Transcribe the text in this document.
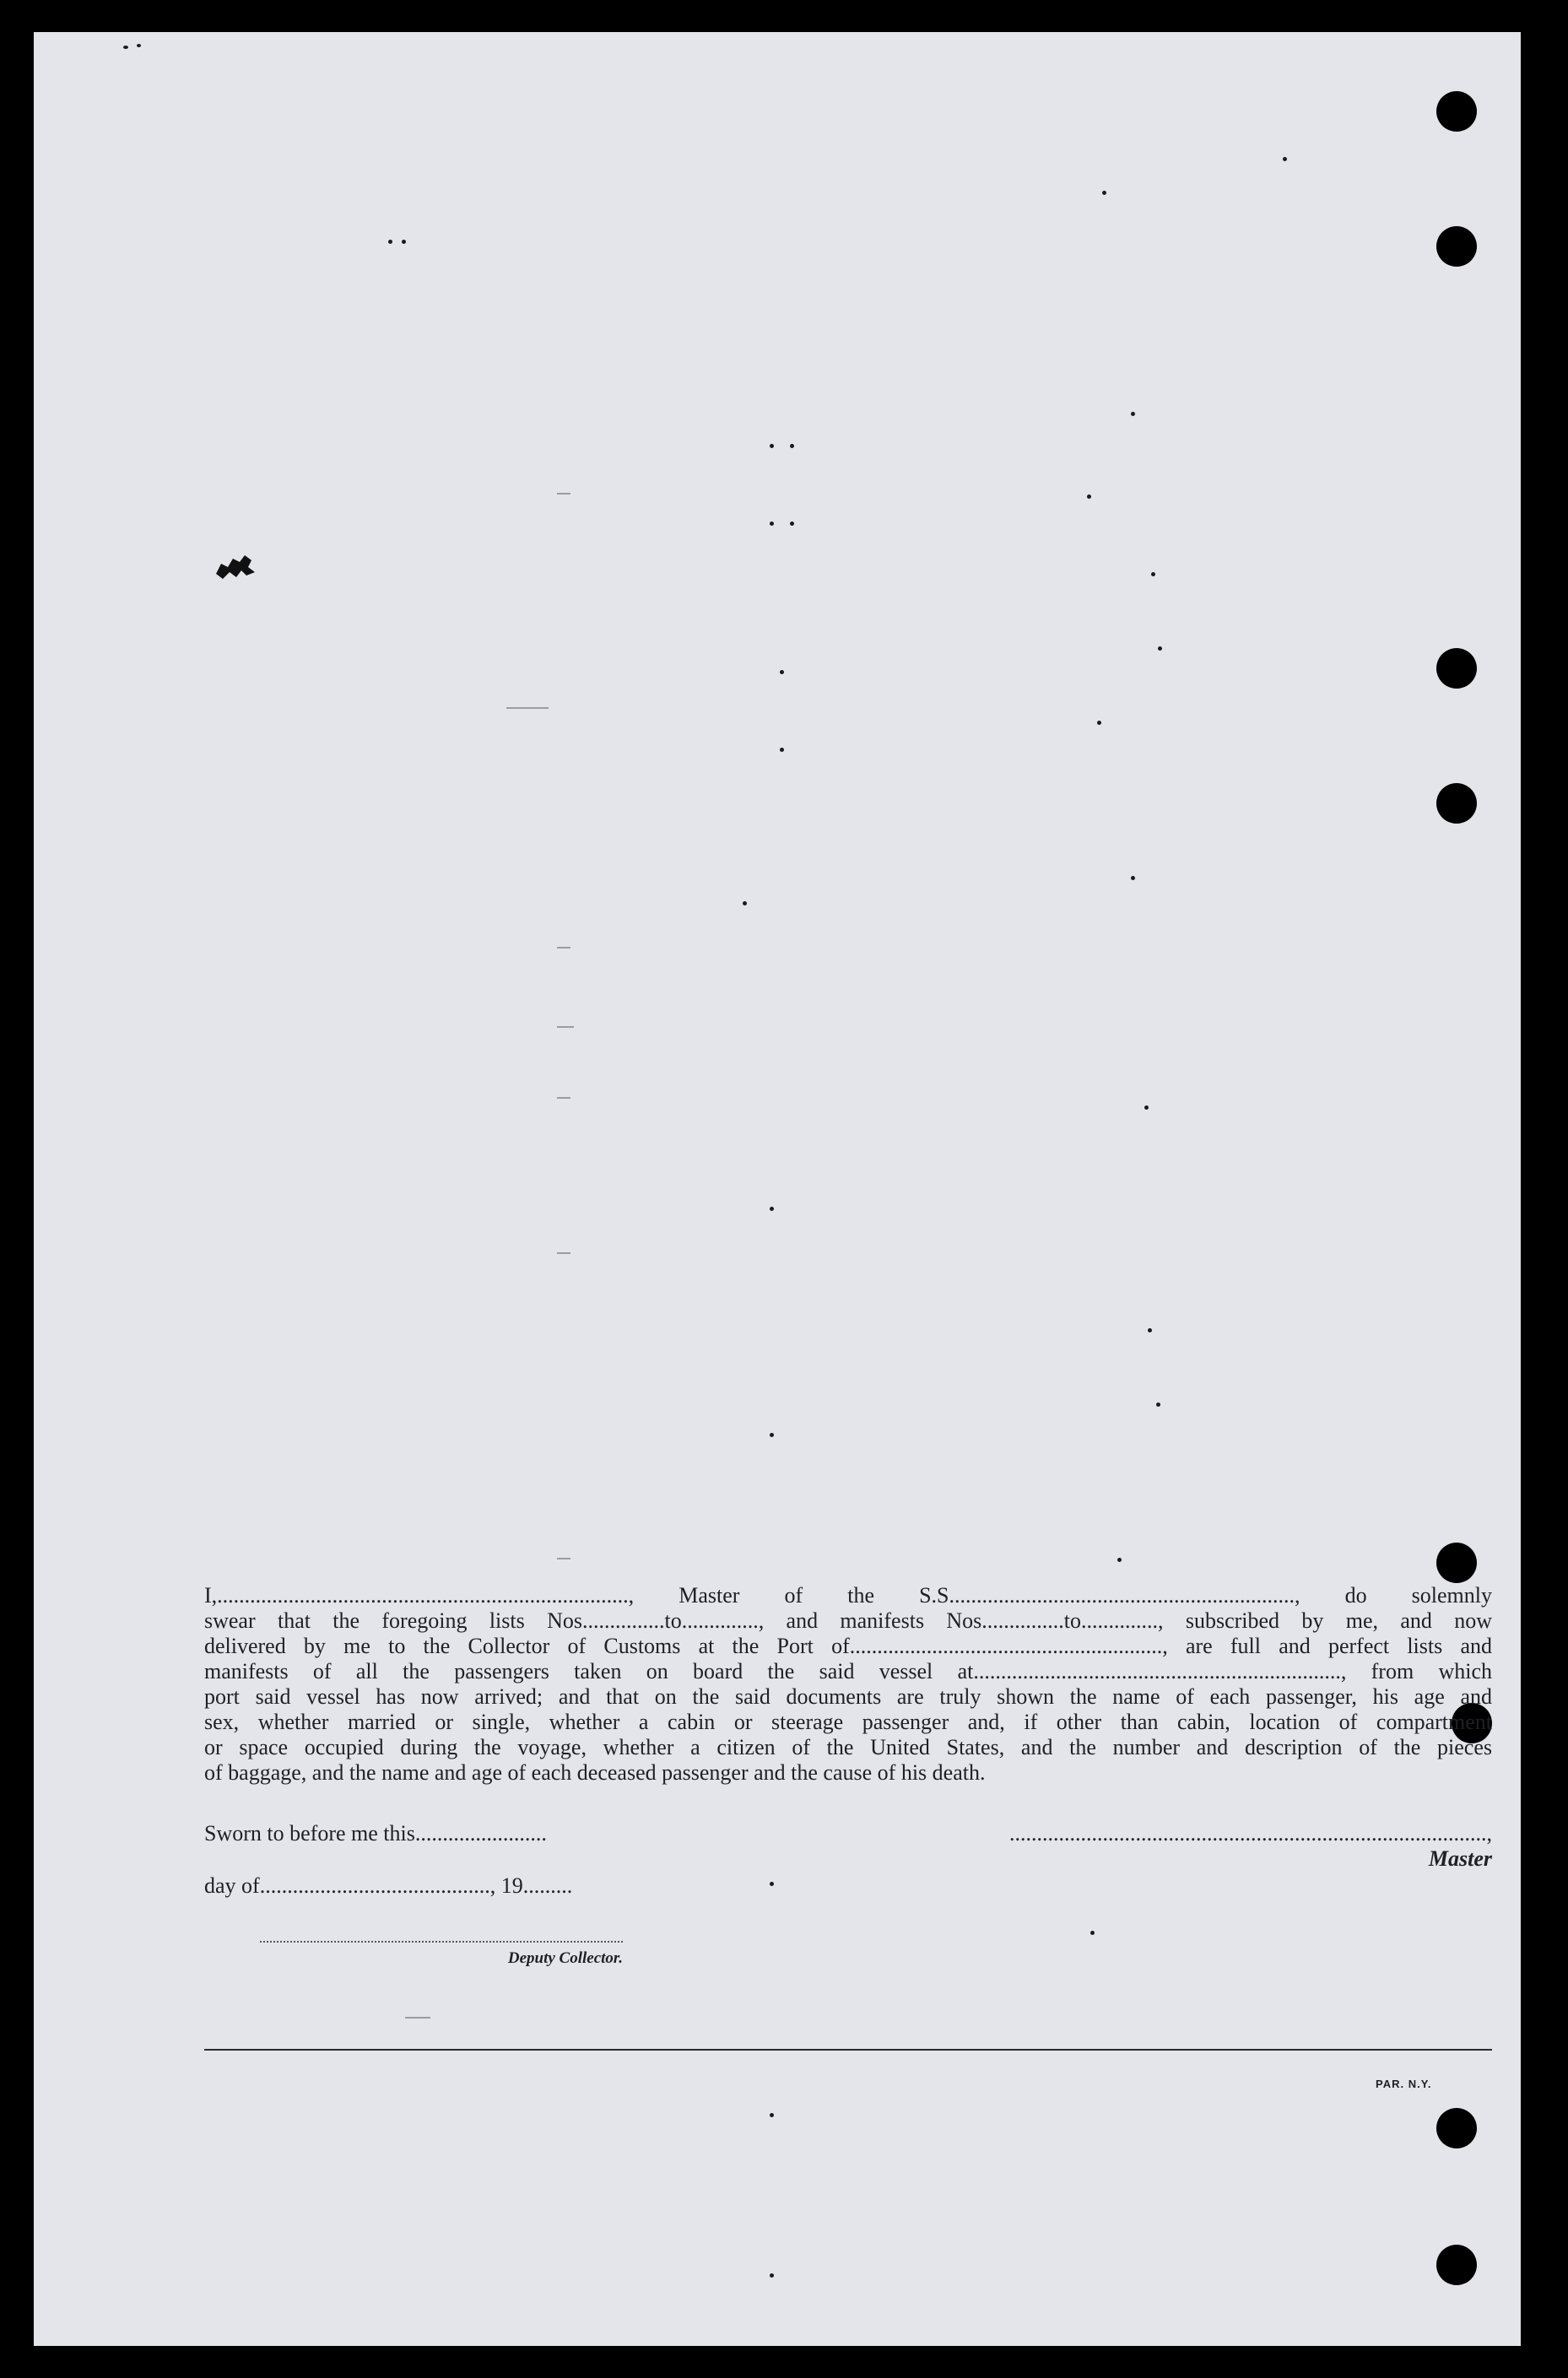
I,..........................................................................., Master of the S.S..............................................................., do solemnly

swear that the foregoing lists Nos...............to.............., and manifests Nos...............to.............., subscribed by me, and now

delivered by me to the Collector of Customs at the Port of........................................................., are full and perfect lists and

manifests of all the passengers taken on board the said vessel at..................................................................., from which

port said vessel has now arrived; and that on the said documents are truly shown the name of each passenger, his age and

sex, whether married or single, whether a cabin or steerage passenger and, if other than cabin, location of compartment

or space occupied during the voyage, whether a citizen of the United States, and the number and description of the pieces

of baggage, and the name and age of each deceased passenger and the cause of his death.

Sworn to before me this........................	......................................................................................., Master
day of.........................................., 19.........
Deputy Collector.
PAR. N.Y.
